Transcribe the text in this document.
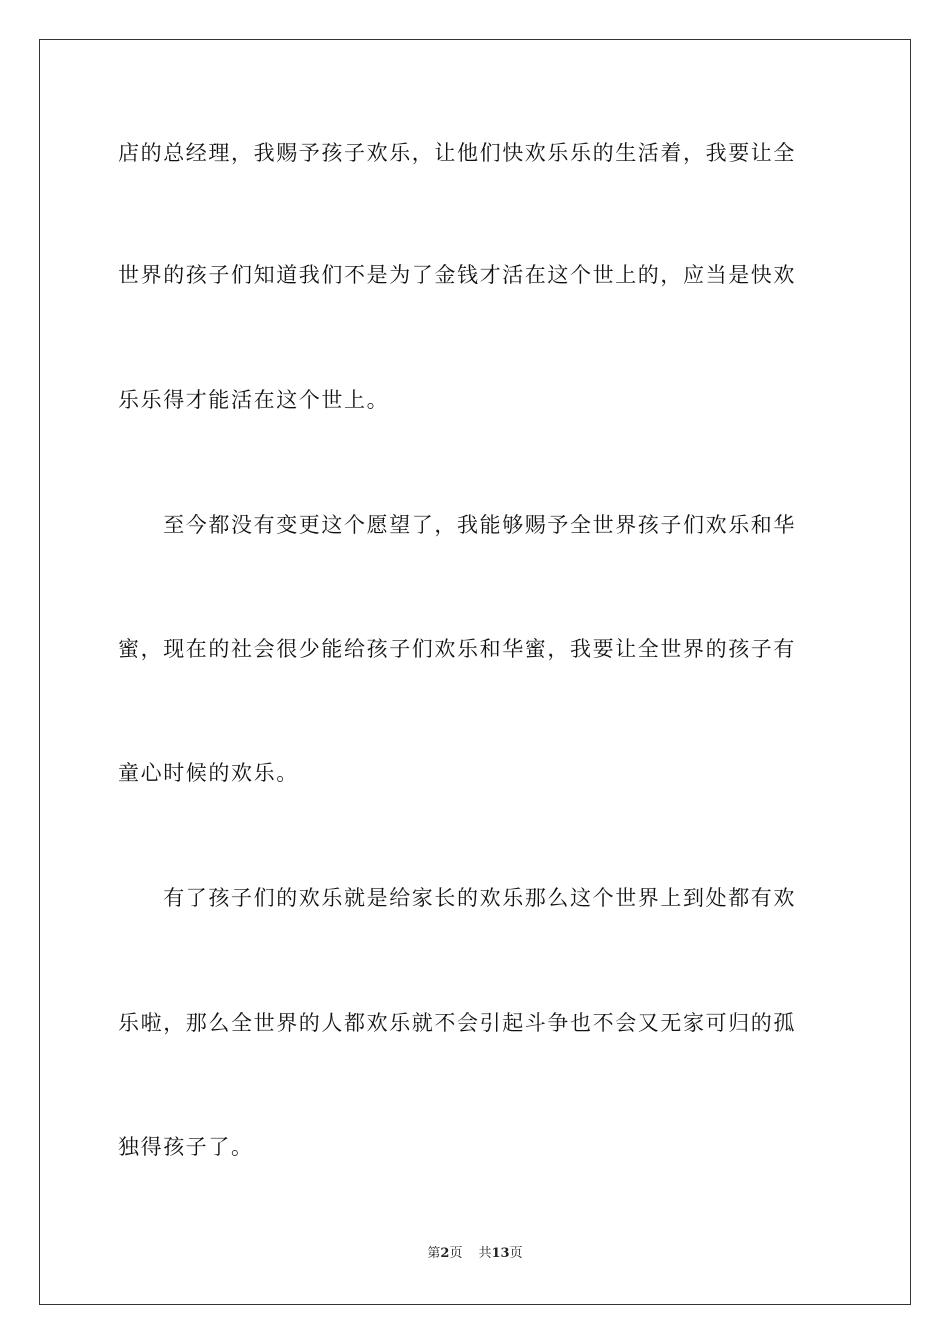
店的总经理，我赐予孩子欢乐，让他们快欢乐乐的生活着，我要让全
世界的孩子们知道我们不是为了金钱才活在这个世上的，应当是快欢
乐乐得才能活在这个世上。
　　至今都没有变更这个愿望了，我能够赐予全世界孩子们欢乐和华
蜜，现在的社会很少能给孩子们欢乐和华蜜，我要让全世界的孩子有
童心时候的欢乐。
　　有了孩子们的欢乐就是给家长的欢乐那么这个世界上到处都有欢
乐啦，那么全世界的人都欢乐就不会引起斗争也不会又无家可归的孤
独得孩子了。
第2页 共13页
